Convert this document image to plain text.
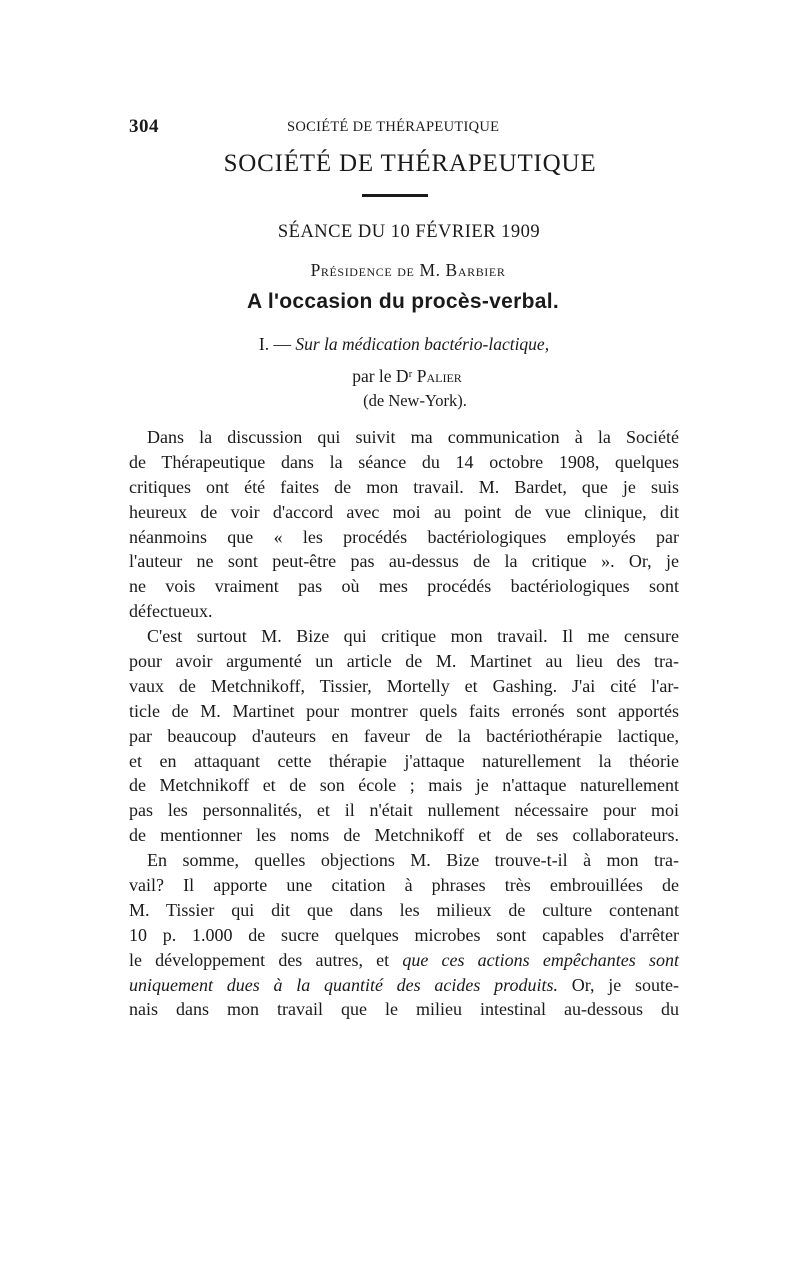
304	SOCIÉTÉ DE THÉRAPEUTIQUE
SOCIÉTÉ DE THÉRAPEUTIQUE
SÉANCE DU 10 FÉVRIER 1909
Présidence de M. Barbier
A l'occasion du procès-verbal.
I. — Sur la médication bactério-lactique,
par le Dʳ Palier
(de New-York).
Dans la discussion qui suivit ma communication à la Société
de Thérapeutique dans la séance du 14 octobre 1908, quelques
critiques ont été faites de mon travail. M. Bardet, que je suis
heureux de voir d'accord avec moi au point de vue clinique, dit
néanmoins que « les procédés bactériologiques employés par
l'auteur ne sont peut-être pas au-dessus de la critique ». Or, je
ne vois vraiment pas où mes procédés bactériologiques sont
défectueux.
C'est surtout M. Bize qui critique mon travail. Il me censure
pour avoir argumenté un article de M. Martinet au lieu des tra-
vaux de Metchnikoff, Tissier, Mortelly et Gashing. J'ai cité l'ar-
ticle de M. Martinet pour montrer quels faits erronés sont apportés
par beaucoup d'auteurs en faveur de la bactériothérapie lactique,
et en attaquant cette thérapie j'attaque naturellement la théorie
de Metchnikoff et de son école ; mais je n'attaque naturellement
pas les personnalités, et il n'était nullement nécessaire pour moi
de mentionner les noms de Metchnikoff et de ses collaborateurs.
En somme, quelles objections M. Bize trouve-t-il à mon tra-
vail? Il apporte une citation à phrases très embrouillées de
M. Tissier qui dit que dans les milieux de culture contenant
10 p. 1.000 de sucre quelques microbes sont capables d'arrêter
le développement des autres, et que ces actions empêchantes sont
uniquement dues à la quantité des acides produits. Or, je soute-
nais dans mon travail que le milieu intestinal au-dessous du
